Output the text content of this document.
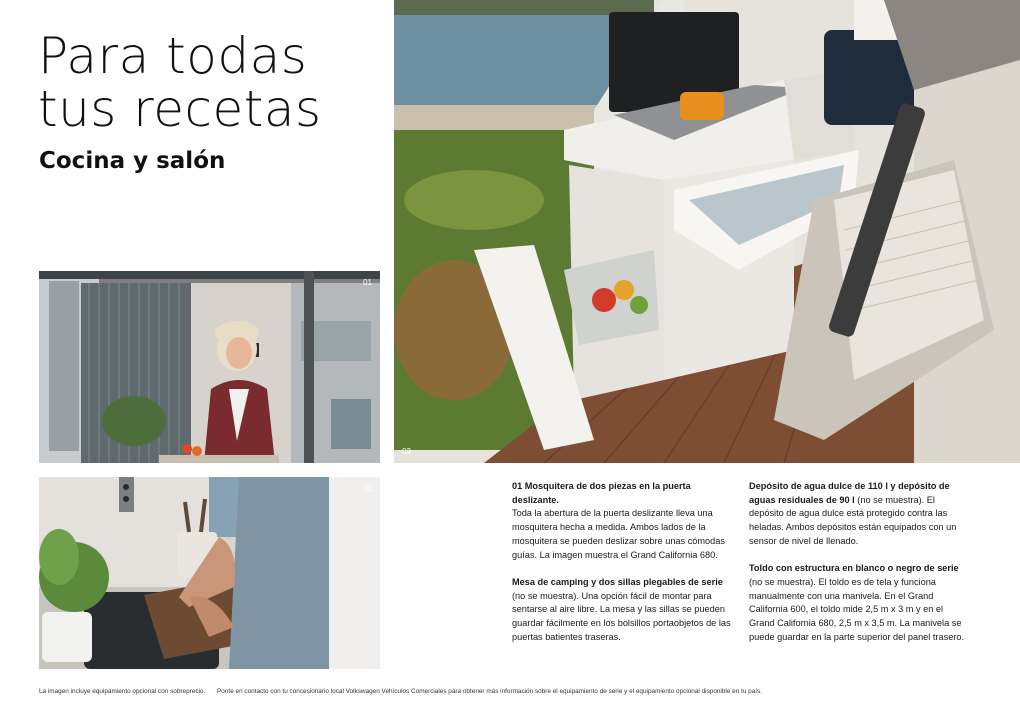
Para todas
tus recetas
Cocina y salón
01
02
03

01 Mosquitera de dos piezas en la puerta deslizante.
Toda la abertura de la puerta deslizante lleva una mosquitera hecha a medida. Ambos lados de la mosquitera se pueden deslizar sobre unas cómodas guías. La imagen muestra el Grand California 680.

Mesa de camping y dos sillas plegables de serie
(no se muestra). Una opción fácil de montar para sentarse al aire libre. La mesa y las sillas se pueden guardar fácilmente en los bolsillos portaobjetos de las puertas batientes traseras.

Depósito de agua dulce de 110 l y depósito de aguas residuales de 90 l (no se muestra). El depósito de agua dulce está protegido contra las heladas. Ambos depósitos están equipados con un sensor de nivel de llenado.

Toldo con estructura en blanco o negro de serie
(no se muestra). El toldo es de tela y funciona manualmente con una manivela. En el Grand California 600, el toldo mide 2,5 m x 3 m y en el Grand California 680, 2,5 m x 3,5 m. La manivela se puede guardar en la parte superior del panel trasero.

La imagen incluye equipamiento opcional con sobreprecio. Ponte en contacto con tu concesionario local Volkswagen Vehículos Comerciales para obtener más información sobre el equipamiento de serie y el equipamiento opcional disponible en tu país.
